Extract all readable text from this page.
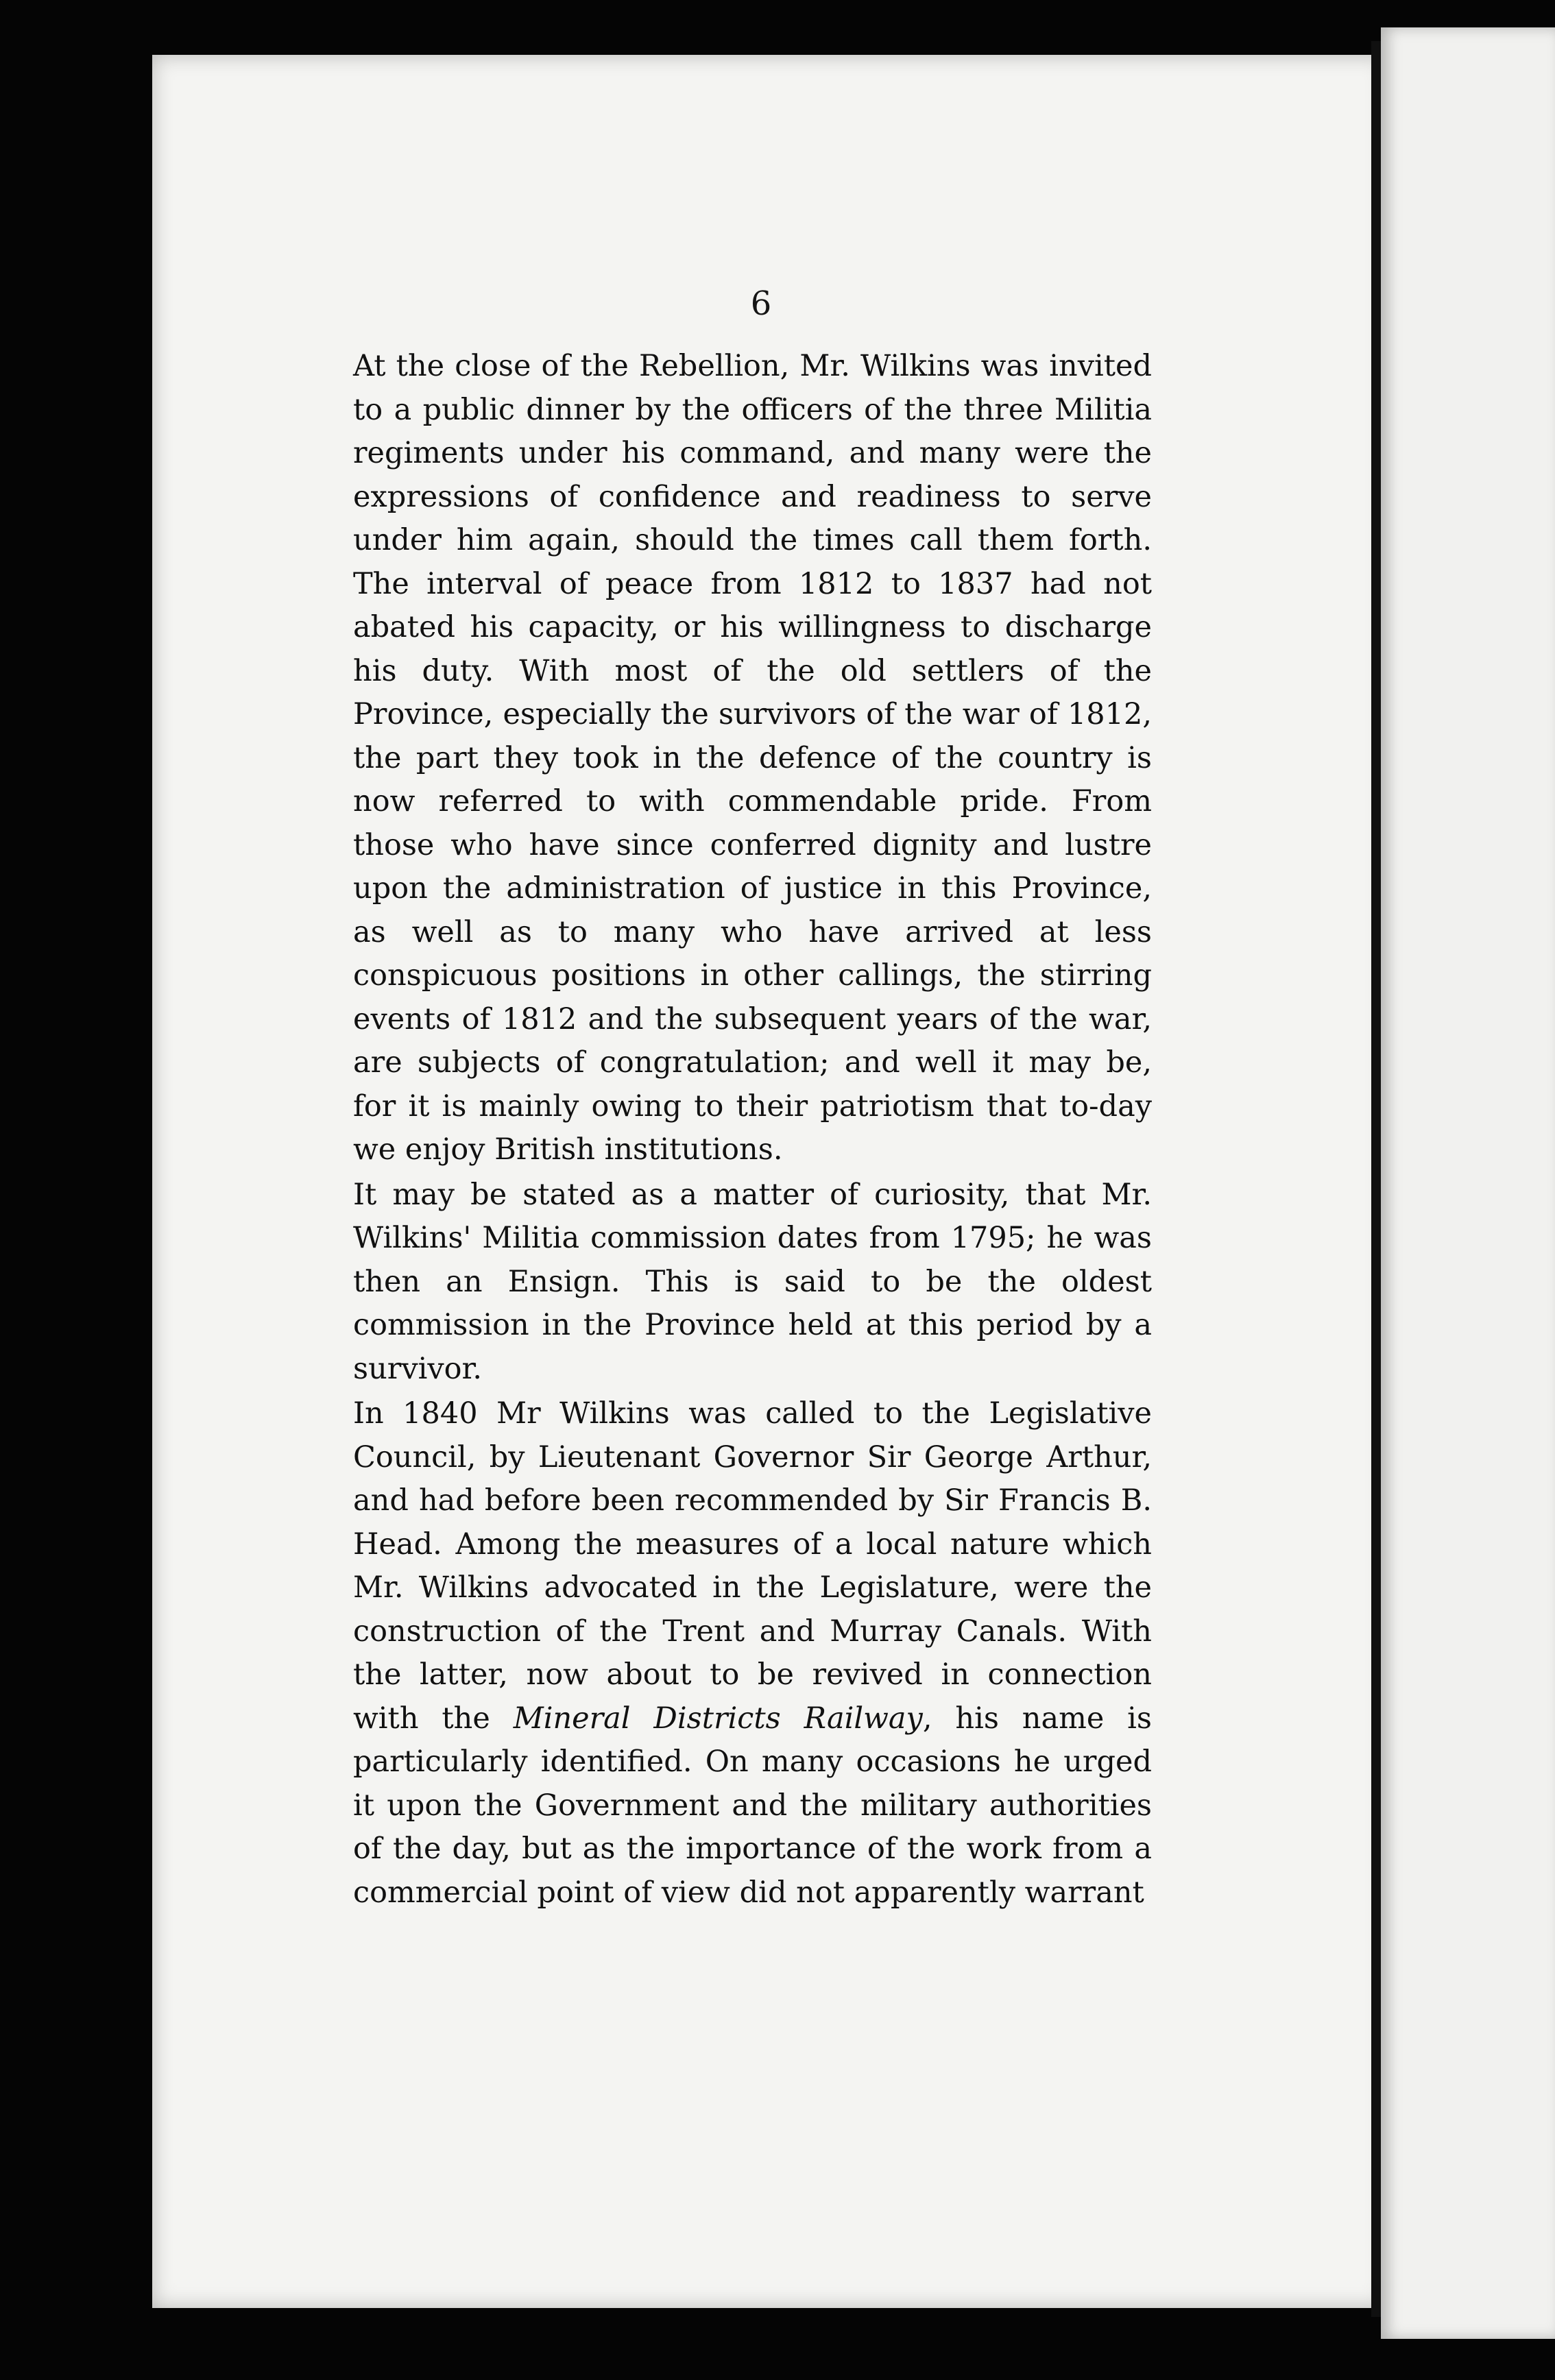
6

At the close of the Rebellion, Mr. Wilkins was invited to a public dinner by the officers of the three Militia regiments under his command, and many were the expressions of confidence and readiness to serve under him again, should the times call them forth. The interval of peace from 1812 to 1837 had not abated his capacity, or his willingness to discharge his duty. With most of the old settlers of the Province, especially the survivors of the war of 1812, the part they took in the defence of the country is now referred to with commendable pride. From those who have since conferred dignity and lustre upon the administration of justice in this Province, as well as to many who have arrived at less conspicuous positions in other callings, the stirring events of 1812 and the subsequent years of the war, are subjects of congratulation; and well it may be, for it is mainly owing to their patriotism that to-day we enjoy British institutions.

It may be stated as a matter of curiosity, that Mr. Wilkins' Militia commission dates from 1795; he was then an Ensign. This is said to be the oldest commission in the Province held at this period by a survivor.

In 1840 Mr Wilkins was called to the Legislative Council, by Lieutenant Governor Sir George Arthur, and had before been recommended by Sir Francis B. Head. Among the measures of a local nature which Mr. Wilkins advocated in the Legislature, were the construction of the Trent and Murray Canals. With the latter, now about to be revived in connection with the Mineral Districts Railway, his name is particularly identified. On many occasions he urged it upon the Government and the military authorities of the day, but as the importance of the work from a commercial point of view did not apparently warrant
